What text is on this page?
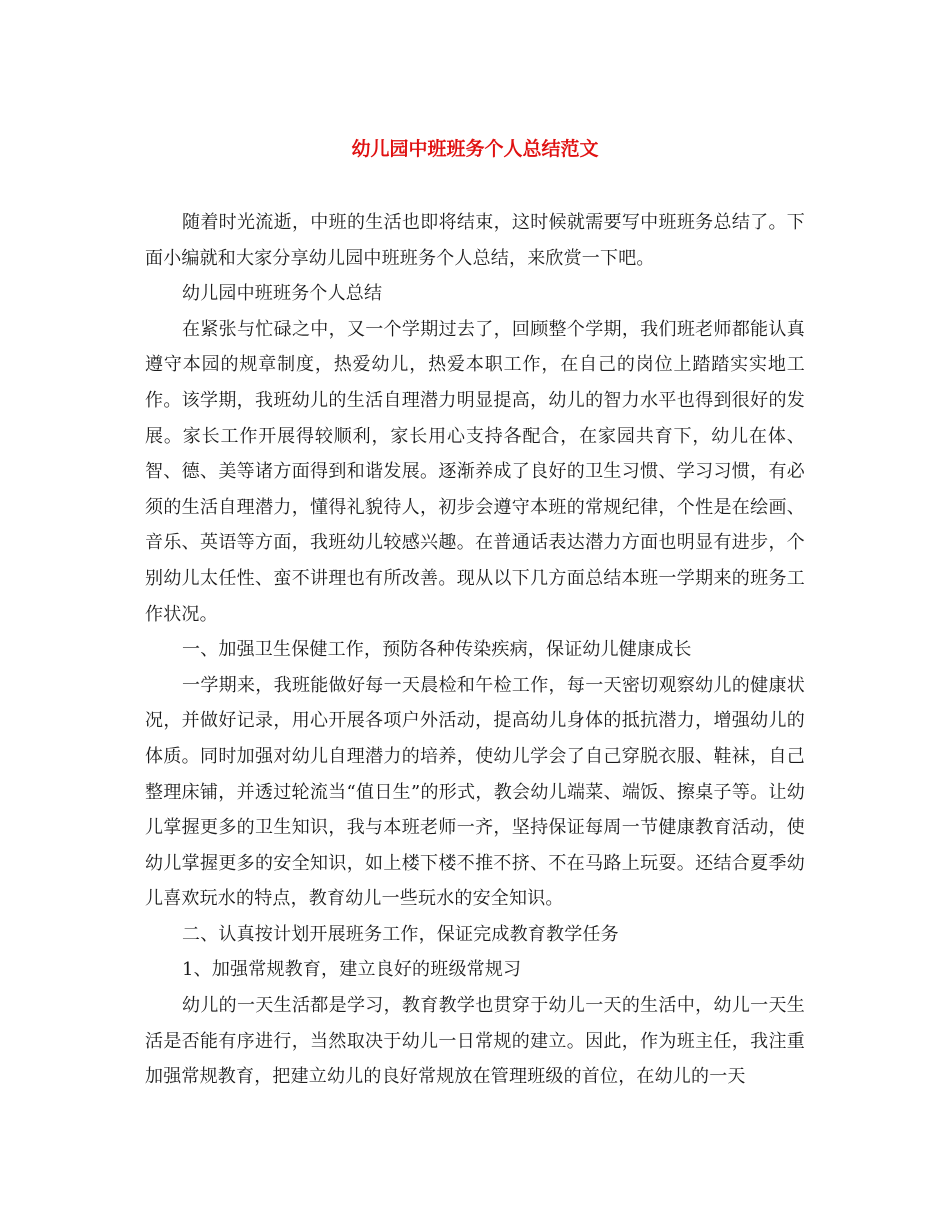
幼儿园中班班务个人总结范文

随着时光流逝，中班的生活也即将结束，这时候就需要写中班班务总结了。下面小编就和大家分享幼儿园中班班务个人总结，来欣赏一下吧。

幼儿园中班班务个人总结

在紧张与忙碌之中，又一个学期过去了，回顾整个学期，我们班老师都能认真遵守本园的规章制度，热爱幼儿，热爱本职工作，在自己的岗位上踏踏实实地工作。该学期，我班幼儿的生活自理潜力明显提高，幼儿的智力水平也得到很好的发展。家长工作开展得较顺利，家长用心支持各配合，在家园共育下，幼儿在体、智、德、美等诸方面得到和谐发展。逐渐养成了良好的卫生习惯、学习习惯，有必须的生活自理潜力，懂得礼貌待人，初步会遵守本班的常规纪律，个性是在绘画、音乐、英语等方面，我班幼儿较感兴趣。在普通话表达潜力方面也明显有进步，个别幼儿太任性、蛮不讲理也有所改善。现从以下几方面总结本班一学期来的班务工作状况。

一、加强卫生保健工作，预防各种传染疾病，保证幼儿健康成长

一学期来，我班能做好每一天晨检和午检工作，每一天密切观察幼儿的健康状况，并做好记录，用心开展各项户外活动，提高幼儿身体的抵抗潜力，增强幼儿的体质。同时加强对幼儿自理潜力的培养，使幼儿学会了自己穿脱衣服、鞋袜，自己整理床铺，并透过轮流当“值日生”的形式，教会幼儿端菜、端饭、擦桌子等。让幼儿掌握更多的卫生知识，我与本班老师一齐，坚持保证每周一节健康教育活动，使幼儿掌握更多的安全知识，如上楼下楼不推不挤、不在马路上玩耍。还结合夏季幼儿喜欢玩水的特点，教育幼儿一些玩水的安全知识。

二、认真按计划开展班务工作，保证完成教育教学任务

1、加强常规教育，建立良好的班级常规习

幼儿的一天生活都是学习，教育教学也贯穿于幼儿一天的生活中，幼儿一天生活是否能有序进行，当然取决于幼儿一日常规的建立。因此，作为班主任，我注重加强常规教育，把建立幼儿的良好常规放在管理班级的首位，在幼儿的一天
